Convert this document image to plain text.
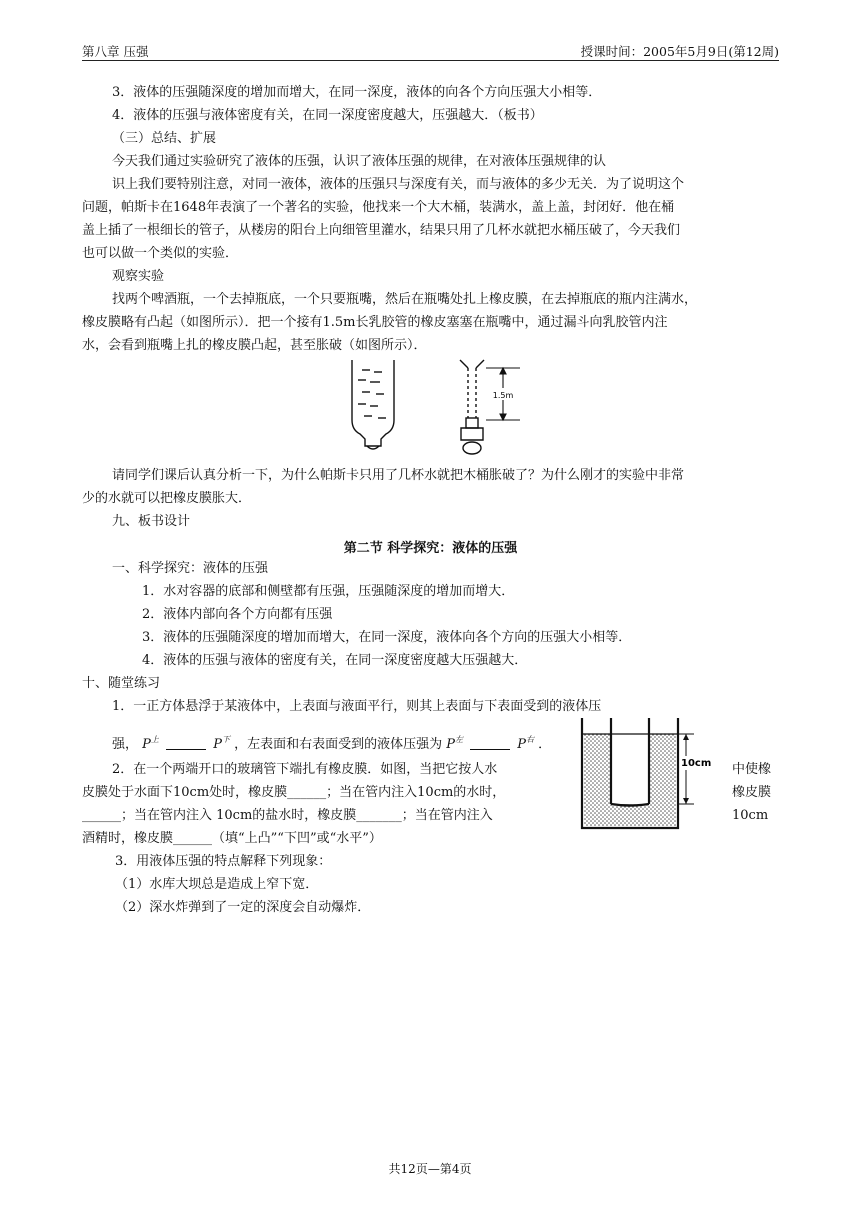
第八章 压强	授课时间：2005年5月9日(第12周)
3．液体的压强随深度的增加而增大，在同一深度，液体的向各个方向压强大小相等．
4．液体的压强与液体密度有关，在同一深度密度越大，压强越大．（板书）
（三）总结、扩展
今天我们通过实验研究了液体的压强，认识了液体压强的规律，在对液体压强规律的认
识上我们要特别注意，对同一液体，液体的压强只与深度有关，而与液体的多少无关．为了说明这个
问题，帕斯卡在1648年表演了一个著名的实验，他找来一个大木桶，装满水，盖上盖，封闭好．他在桶
盖上插了一根细长的管子，从楼房的阳台上向细管里灌水，结果只用了几杯水就把水桶压破了，今天我们
也可以做一个类似的实验．
观察实验
找两个啤酒瓶，一个去掉瓶底，一个只要瓶嘴，然后在瓶嘴处扎上橡皮膜，在去掉瓶底的瓶内注满水，
橡皮膜略有凸起（如图所示）．把一个接有1.5m长乳胶管的橡皮塞塞在瓶嘴中，通过漏斗向乳胶管内注
水，会看到瓶嘴上扎的橡皮膜凸起，甚至胀破（如图所示）．
1.5m
请同学们课后认真分析一下，为什么帕斯卡只用了几杯水就把木桶胀破了？为什么刚才的实验中非常
少的水就可以把橡皮膜胀大．
九、板书设计
第二节 科学探究：液体的压强
一、科学探究：液体的压强
1．水对容器的底部和侧壁都有压强，压强随深度的增加而增大．
2．液体内部向各个方向都有压强
3．液体的压强随深度的增加而增大，在同一深度，液体向各个方向的压强大小相等．
4．液体的压强与液体的密度有关，在同一深度密度越大压强越大．
十、随堂练习
1．一正方体悬浮于某液体中，上表面与液面平行，则其上表面与下表面受到的液体压
强， $P^上$	$P^下$ ，左表面和右表面受到的液体压强为 $P^左$	$P^右$ ．
2．在一个两端开口的玻璃管下端扎有橡皮膜．如图，当把它按人水
皮膜处于水面下10cm处时，橡皮膜______；当在管内注入10cm的水时，
______；当在管内注入 10cm的盐水时，橡皮膜_______；当在管内注入
酒精时，橡皮膜______（填“上凸”“下凹”或“水平”）
3．用液体压强的特点解释下列现象：
（1）水库大坝总是造成上窄下宽．
（2）深水炸弹到了一定的深度会自动爆炸．
中使橡
橡皮膜
10cm
10cm
共12页—第4页
